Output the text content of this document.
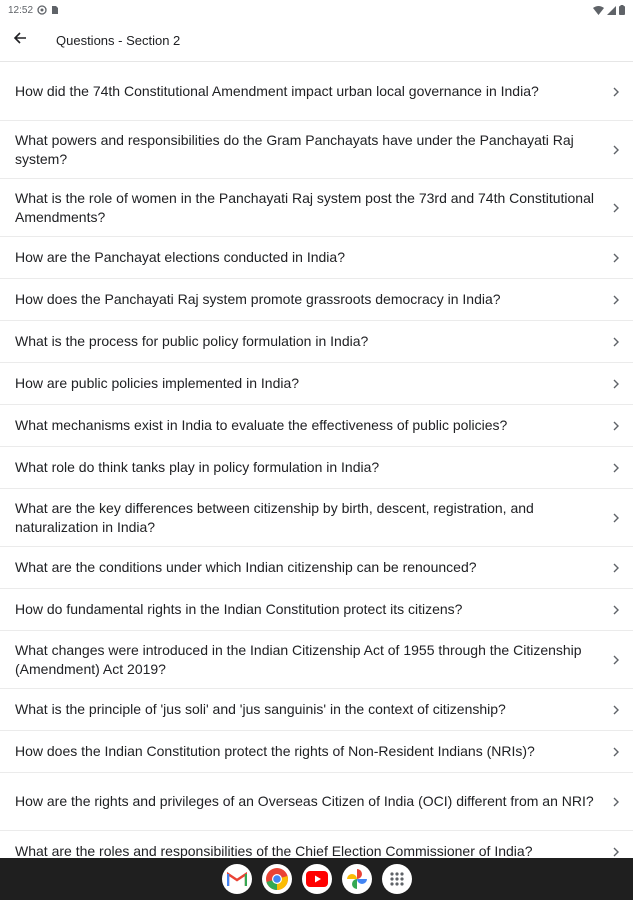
12:52
Questions - Section 2
How did the 74th Constitutional Amendment impact urban local governance in India?
What powers and responsibilities do the Gram Panchayats have under the Panchayati Raj system?
What is the role of women in the Panchayati Raj system post the 73rd and 74th Constitutional Amendments?
How are the Panchayat elections conducted in India?
How does the Panchayati Raj system promote grassroots democracy in India?
What is the process for public policy formulation in India?
How are public policies implemented in India?
What mechanisms exist in India to evaluate the effectiveness of public policies?
What role do think tanks play in policy formulation in India?
What are the key differences between citizenship by birth, descent, registration, and naturalization in India?
What are the conditions under which Indian citizenship can be renounced?
How do fundamental rights in the Indian Constitution protect its citizens?
What changes were introduced in the Indian Citizenship Act of 1955 through the Citizenship (Amendment) Act 2019?
What is the principle of 'jus soli' and 'jus sanguinis' in the context of citizenship?
How does the Indian Constitution protect the rights of Non-Resident Indians (NRIs)?
How are the rights and privileges of an Overseas Citizen of India (OCI) different from an NRI?
What are the roles and responsibilities of the Chief Election Commissioner of India?
